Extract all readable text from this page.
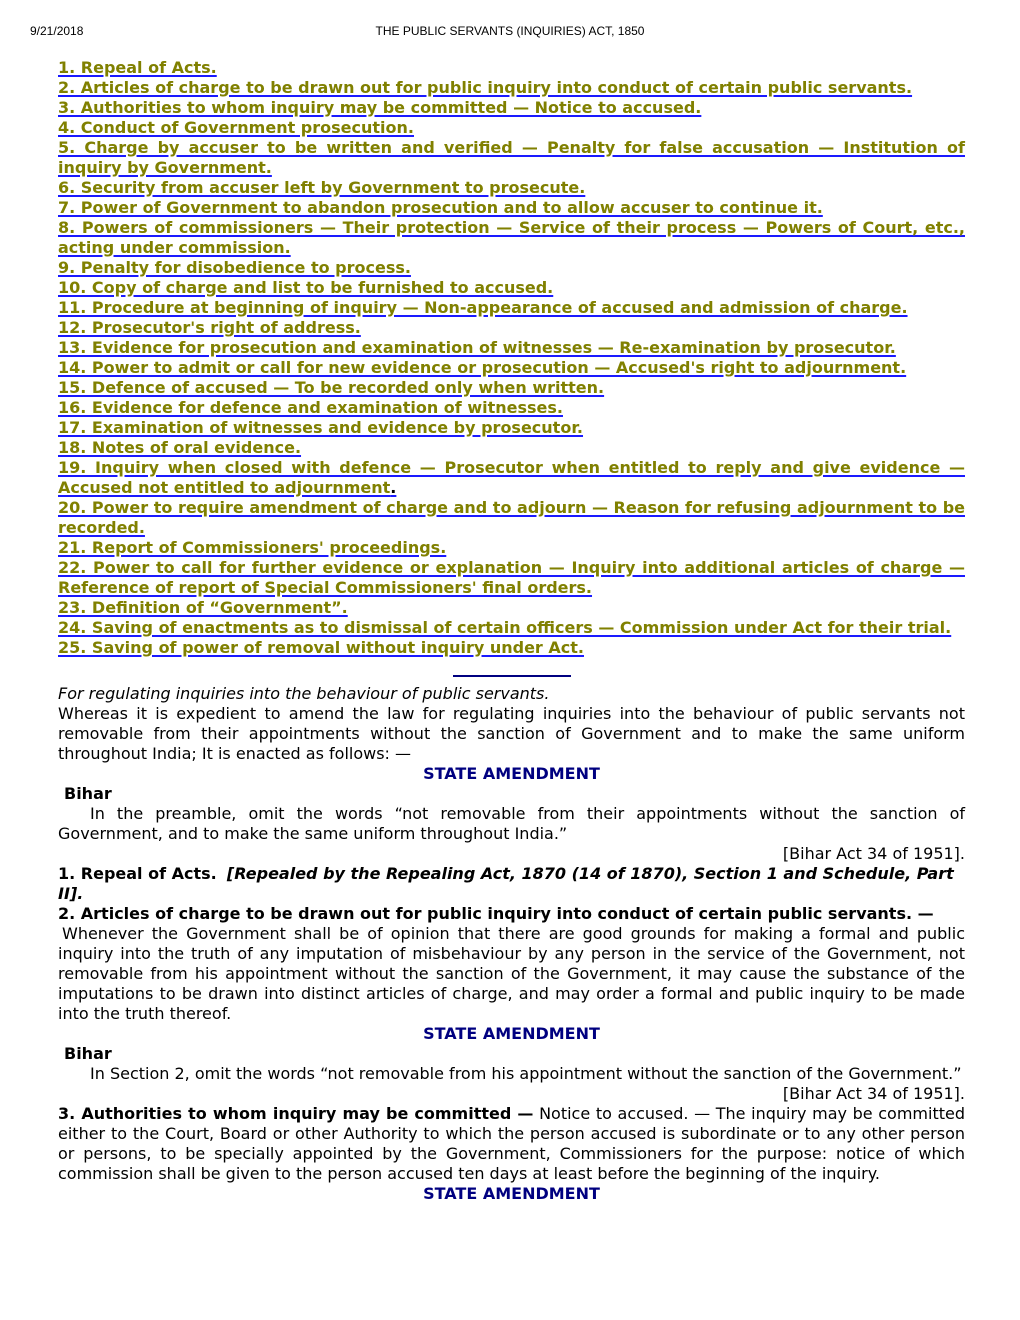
9/21/2018	THE PUBLIC SERVANTS (INQUIRIES) ACT, 1850
1. Repeal of Acts.
2. Articles of charge to be drawn out for public inquiry into conduct of certain public servants.
3. Authorities to whom inquiry may be committed — Notice to accused.
4. Conduct of Government prosecution.
5. Charge by accuser to be written and verified — Penalty for false accusation — Institution of inquiry by Government.
6. Security from accuser left by Government to prosecute.
7. Power of Government to abandon prosecution and to allow accuser to continue it.
8. Powers of commissioners — Their protection — Service of their process — Powers of Court, etc., acting under commission.
9. Penalty for disobedience to process.
10. Copy of charge and list to be furnished to accused.
11. Procedure at beginning of inquiry — Non-appearance of accused and admission of charge.
12. Prosecutor's right of address.
13. Evidence for prosecution and examination of witnesses — Re-examination by prosecutor.
14. Power to admit or call for new evidence or prosecution — Accused's right to adjournment.
15. Defence of accused — To be recorded only when written.
16. Evidence for defence and examination of witnesses.
17. Examination of witnesses and evidence by prosecutor.
18. Notes of oral evidence.
19. Inquiry when closed with defence — Prosecutor when entitled to reply and give evidence — Accused not entitled to adjournment.
20. Power to require amendment of charge and to adjourn — Reason for refusing adjournment to be recorded.
21. Report of Commissioners' proceedings.
22. Power to call for further evidence or explanation — Inquiry into additional articles of charge — Reference of report of Special Commissioners' final orders.
23. Definition of “Government”.
24. Saving of enactments as to dismissal of certain officers — Commission under Act for their trial.
25. Saving of power of removal without inquiry under Act.
For regulating inquiries into the behaviour of public servants.
Whereas it is expedient to amend the law for regulating inquiries into the behaviour of public servants not removable from their appointments without the sanction of Government and to make the same uniform throughout India; It is enacted as follows: —
STATE AMENDMENT
Bihar
In the preamble, omit the words “not removable from their appointments without the sanction of Government, and to make the same uniform throughout India.”
[Bihar Act 34 of 1951].
1. Repeal of Acts. [Repealed by the Repealing Act, 1870 (14 of 1870), Section 1 and Schedule, Part II].
2. Articles of charge to be drawn out for public inquiry into conduct of certain public servants. —
Whenever the Government shall be of opinion that there are good grounds for making a formal and public inquiry into the truth of any imputation of misbehaviour by any person in the service of the Government, not removable from his appointment without the sanction of the Government, it may cause the substance of the imputations to be drawn into distinct articles of charge, and may order a formal and public inquiry to be made into the truth thereof.
STATE AMENDMENT
Bihar
In Section 2, omit the words “not removable from his appointment without the sanction of the Government.”
[Bihar Act 34 of 1951].
3. Authorities to whom inquiry may be committed — Notice to accused. — The inquiry may be committed either to the Court, Board or other Authority to which the person accused is subordinate or to any other person or persons, to be specially appointed by the Government, Commissioners for the purpose: notice of which commission shall be given to the person accused ten days at least before the beginning of the inquiry.
STATE AMENDMENT
